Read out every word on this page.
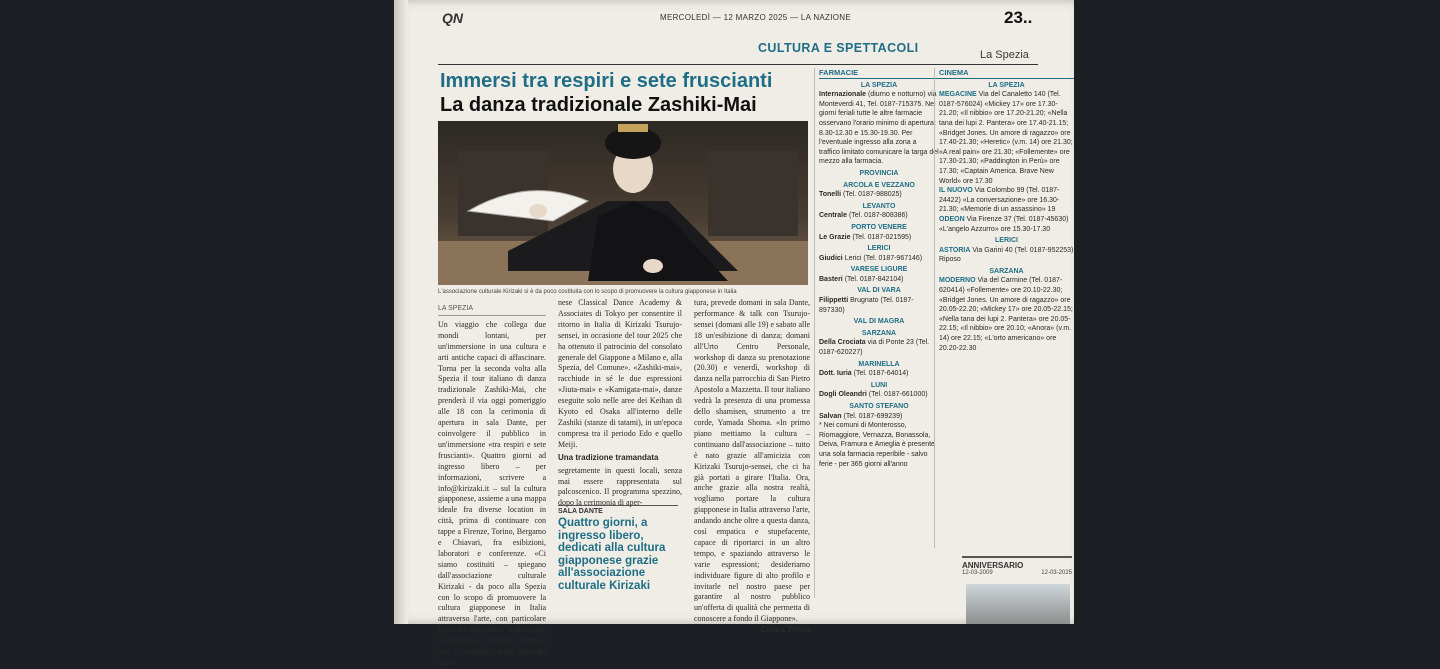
QN	MERCOLEDÌ — 12 MARZO 2025 — LA NAZIONE	23..
CULTURA E SPETTACOLI	La Spezia
Immersi tra respiri e sete fruscianti
La danza tradizionale Zashiki-Mai
L'associazione culturale Kirizaki si è da poco costituita con lo scopo di promuovere la cultura giapponese in Italia
LA SPEZIA
Un viaggio che collega due mondi lontani, per un'immersione in una cultura e arti antiche capaci di affascinare. Torna per la seconda volta alla Spezia il tour italiano di danza tradizionale Zashiki-Mai, che prenderà il via oggi pomeriggio alle 18 con la cerimonia di apertura in sala Dante, per coinvolgere il pubblico in un'immersione «tra respiri e sete fruscianti». Quattro giorni ad ingresso libero – per informazioni, scrivere a info@kirizaki.it – sul la cultura giapponese, assieme a una mappa ideale fra diverse location in città, prima di continuare con tappe a Firenze, Torino, Bergamo e Chiavari, fra esibizioni, laboratori e conferenze. «Ci siamo costituiti – spiegano dall'associazione culturale Kirizaki - da poco alla Spezia con lo scopo di promuovere la cultura giapponese in Italia attraverso l'arte, con particolare riguardo alla danza tradizionale Zashiki-Mai. Abbiamo lavorato con i colleghi della Kirizaki Japa-
nese Classical Dance Academy & Associates di Tokyo per consentire il ritorno in Italia di Kirizaki Tsurujo-sensei, in occasione del tour 2025 che ha ottenuto il patrocinio del consolato generale del Giappone a Milano e, alla Spezia, del Comune». «Zashiki-mai», racchiude in sé le due espressioni «Jiuta-mai» e «Kamigata-mai», danze eseguite solo nelle aree dei Keihan di Kyoto ed Osaka all'interno delle Zashiki (stanze di tatami), in un'epoca compresa tra il periodo Edo e quello Meiji.
Una tradizione tramandata
segretamente in questi locali, senza mai essere rappresentata sul palcoscenico. Il programma spezzino, dopo la cerimonia di aper-
SALA DANTE
Quattro giorni, a ingresso libero, dedicati alla cultura giapponese grazie all'associazione culturale Kirizaki
tura, prevede domani in sala Dante, performance & talk con Tsurujo-sensei (domani alle 19) e sabato alle 18 un'esibizione di danza; domani all'Urto Centro Personale, workshop di danza su prenotazione (20.30) e venerdì, workshop di danza nella parrocchia di San Pietro Apostolo a Mazzetta. Il tour italiano vedrà la presenza di una promessa dello shamisen, strumento a tre corde, Yamada Shoma. «In primo piano mettiamo la cultura – continuano dall'associazione – tutto è nato grazie all'amicizia con Kirizaki Tsurujo-sensei, che ci ha già portati a girare l'Italia. Ora, anche grazie alla nostra realtà, vogliamo portare la cultura giapponese in Italia attraverso l'arte, andando anche oltre a questa danza, così empatica e stupefacente, capace di riportarci in un altro tempo, e spaziando attraverso le varie espressioni; desideriamo individuare figure di alto profilo e invitarle nel nostro paese per garantire al nostro pubblico un'offerta di qualità che permetta di conoscere a fondo il Giappone».
Chiara Tenca
FARMACIE
LA SPEZIA
Internazionale (diurno e notturno) via Monteverdi 41, Tel. 0187-715375. Nei giorni feriali tutte le altre farmacie osservano l'orario minimo di apertura: 8.30-12.30 e 15.30-19.30. Per l'eventuale ingresso alla zona a traffico limitato comunicare la targa del mezzo alla farmacia.
PROVINCIA
ARCOLA E VEZZANO
Tonelli (Tel. 0187-988025)
LEVANTO
Centrale (Tel. 0187-808386)
PORTO VENERE
Le Grazie (Tel. 0187-021595)
LERICI
Giudici Lerici (Tel. 0187-967146)
VARESE LIGURE
Basteri (Tel. 0187-842104)
VAL DI VARA
Filippetti Brugnato (Tel. 0187-897330)
VAL DI MAGRA
SARZANA
Della Crociata via di Ponte 23 (Tel. 0187-620227)
MARINELLA
Dott. Iuria (Tel. 0187-64014)
LUNI
Dogli Oleandri (Tel. 0187-661000)
SANTO STEFANO
Salvan (Tel. 0187-699239)
* Nei comuni di Monterosso, Riomaggiore, Vernazza, Bonassola, Deiva, Framura e Ameglia è presente una sola farmacia reperibile - salvo ferie - per 365 giorni all'anno
CINEMA
LA SPEZIA
MEGACINE Via del Canaletto 140 (Tel. 0187-576024) «Mickey 17» ore 17.30-21.20; «Il nibbio» ore 17.20-21.20; «Nella tana dei lupi 2. Pantera» ore 17.40-21.15; «Bridget Jones. Un amore di ragazzo» ore 17.40-21.30; «Heretic» (v.m. 14) ore 21.30; «A real pain» ore 21.30; «Follemente» ore 17.30-21.30; «Paddington in Perù» ore 17.30; «Captain America. Brave New World» ore 17.30
IL NUOVO Via Colombo 99 (Tel. 0187-24422) «La conversazione» ore 16.30-21.30; «Memorie di un assassino» 19
ODEON Via Firenze 37 (Tel. 0187-45630) «L'angelo Azzurro» ore 15.30-17.30
LERICI
ASTORIA Via Garini 40 (Tel. 0187-952253) Riposo
SARZANA
MODERNO Via del Carmine (Tel. 0187-620414) «Follemente» ore 20.10-22.30; «Bridget Jones. Un amore di ragazzo» ore 20.05-22.20; «Mickey 17» ore 20.05-22.15; «Nella tana dei lupi 2. Pantera» ore 20.05-22.15; «Il nibbio» ore 20.10; «Anora» (v.m. 14) ore 22.15; «L'orto americano» ore 20.20-22.30
ANNIVERSARIO
12-03-2009	12-03-2025
